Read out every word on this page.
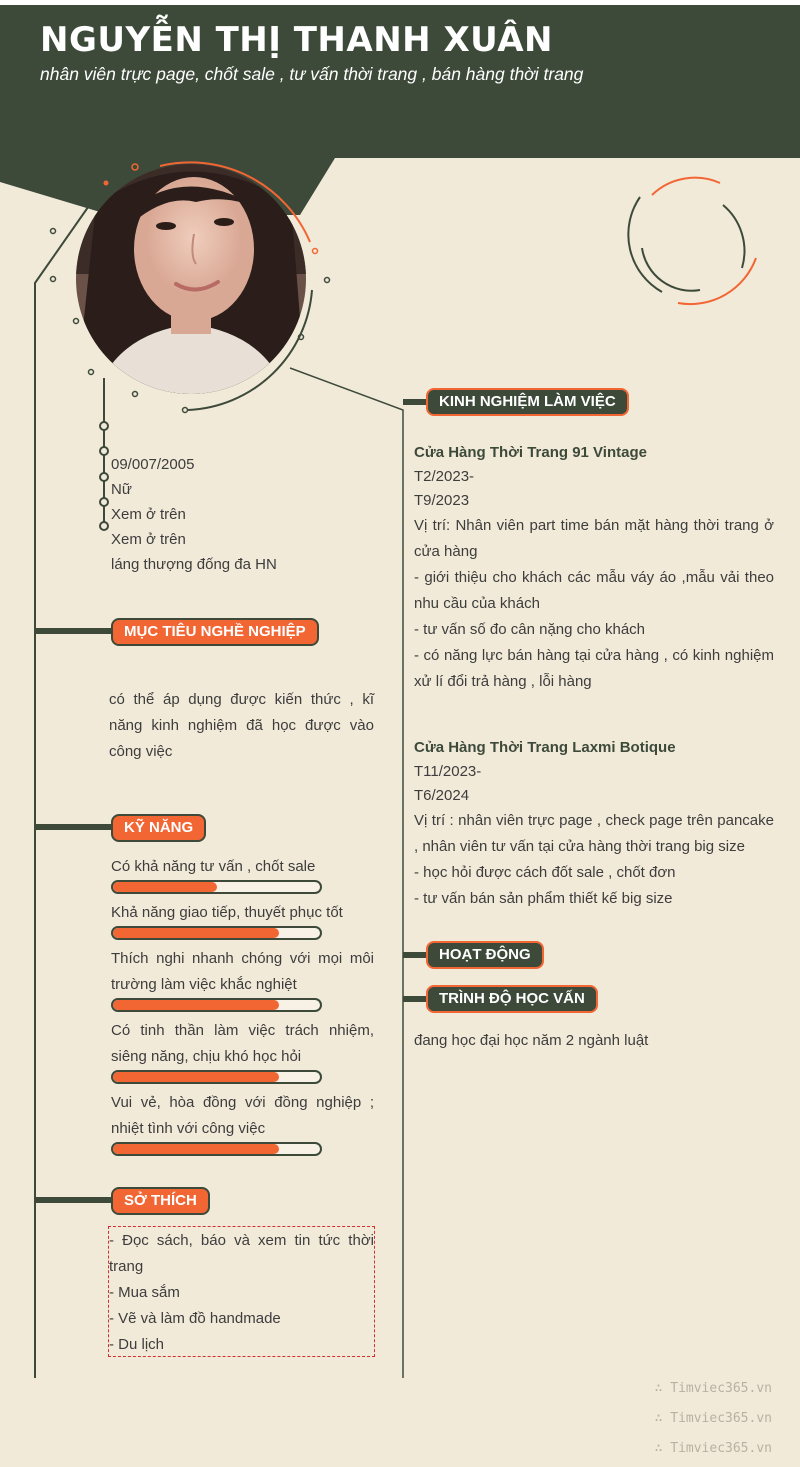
NGUYỄN THỊ THANH XUÂN
nhân viên trực page, chốt sale , tư vấn thời trang , bán hàng thời trang
09/007/2005
Nữ
Xem ở trên
Xem ở trên
láng thượng đống đa HN
MỤC TIÊU NGHỀ NGHIỆP
có thể áp dụng được kiến thức , kĩ năng kinh nghiệm đã học được vào công việc
KỸ NĂNG
Có khả năng tư vấn , chốt sale
Khả năng giao tiếp, thuyết phục tốt
Thích nghi nhanh chóng với mọi môi trường làm việc khắc nghiệt
Có tinh thần làm việc trách nhiệm, siêng năng, chịu khó học hỏi
Vui vẻ, hòa đồng với đồng nghiệp ; nhiệt tình với công việc
SỞ THÍCH
- Đọc sách, báo và xem tin tức thời trang
- Mua sắm
- Vẽ và làm đồ handmade
- Du lịch
KINH NGHIỆM LÀM VIỆC
Cửa Hàng Thời Trang 91 Vintage
T2/2023-
T9/2023
Vị trí: Nhân viên part time bán mặt hàng thời trang ở cửa hàng
- giới thiệu cho khách các mẫu váy áo ,mẫu vải theo nhu cầu của khách
- tư vấn số đo cân nặng cho khách
- có năng lực bán hàng tại cửa hàng , có kinh nghiệm xử lí đổi trả hàng , lỗi hàng
Cửa Hàng Thời Trang Laxmi Botique
T11/2023-
T6/2024
Vị trí : nhân viên trực page , check page trên pancake , nhân viên tư vấn tại cửa hàng thời trang big size
- học hỏi được cách đốt sale , chốt đơn
- tư vấn bán sản phẩm thiết kế big size
HOẠT ĐỘNG
TRÌNH ĐỘ HỌC VẤN
đang học đại học năm 2 ngành luật
∴ Timviec365.vn
∴ Timviec365.vn
∴ Timviec365.vn
